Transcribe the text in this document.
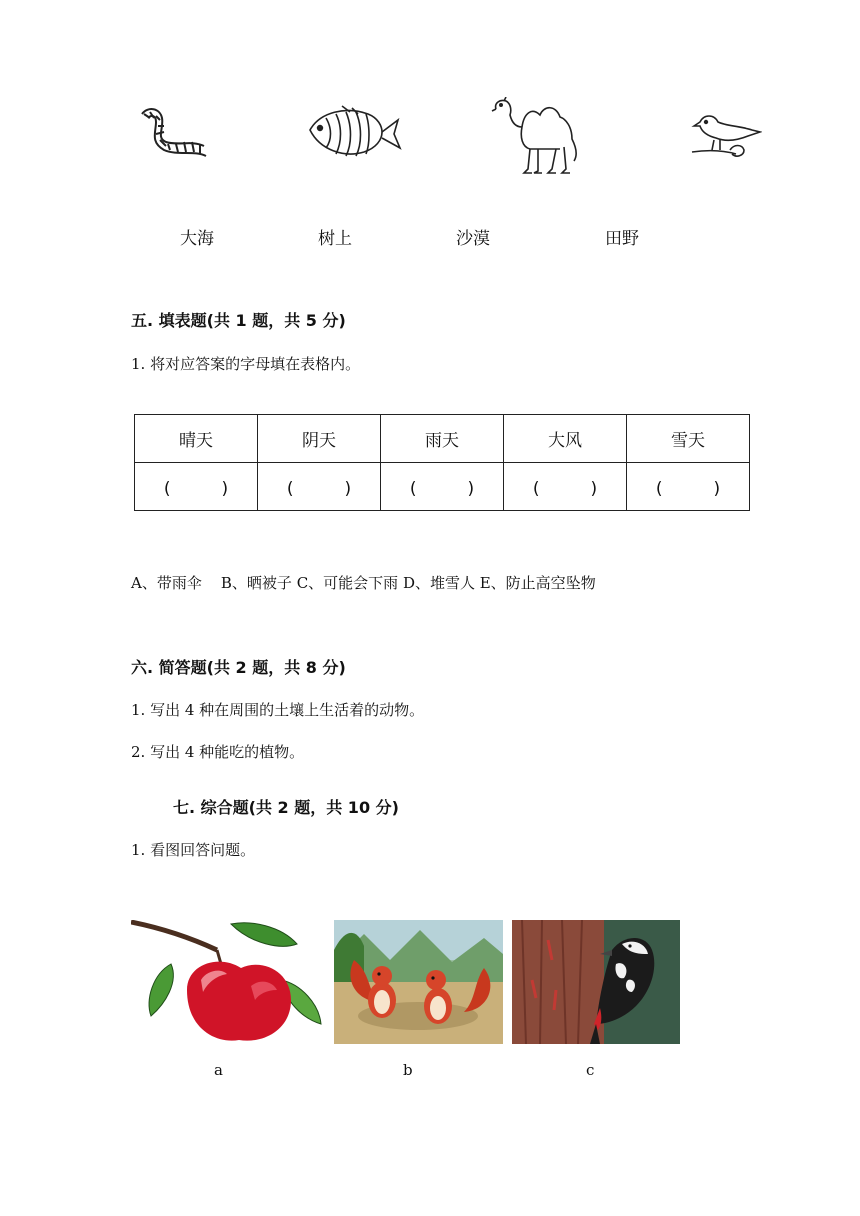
大海	树上	沙漠	田野
五. 填表题(共 1 题，共 5 分)
1. 将对应答案的字母填在表格内。
晴天	阴天	雨天	大风	雪天
(　　　)	(　　　)	(　　　)	(　　　)	(　　　)
A、带雨伞    B、晒被子 C、可能会下雨 D、堆雪人 E、防止高空坠物
六. 简答题(共 2 题，共 8 分)
1. 写出 4 种在周围的土壤上生活着的动物。
2. 写出 4 种能吃的植物。
七. 综合题(共 2 题，共 10 分)
1. 看图回答问题。
a	b	c
